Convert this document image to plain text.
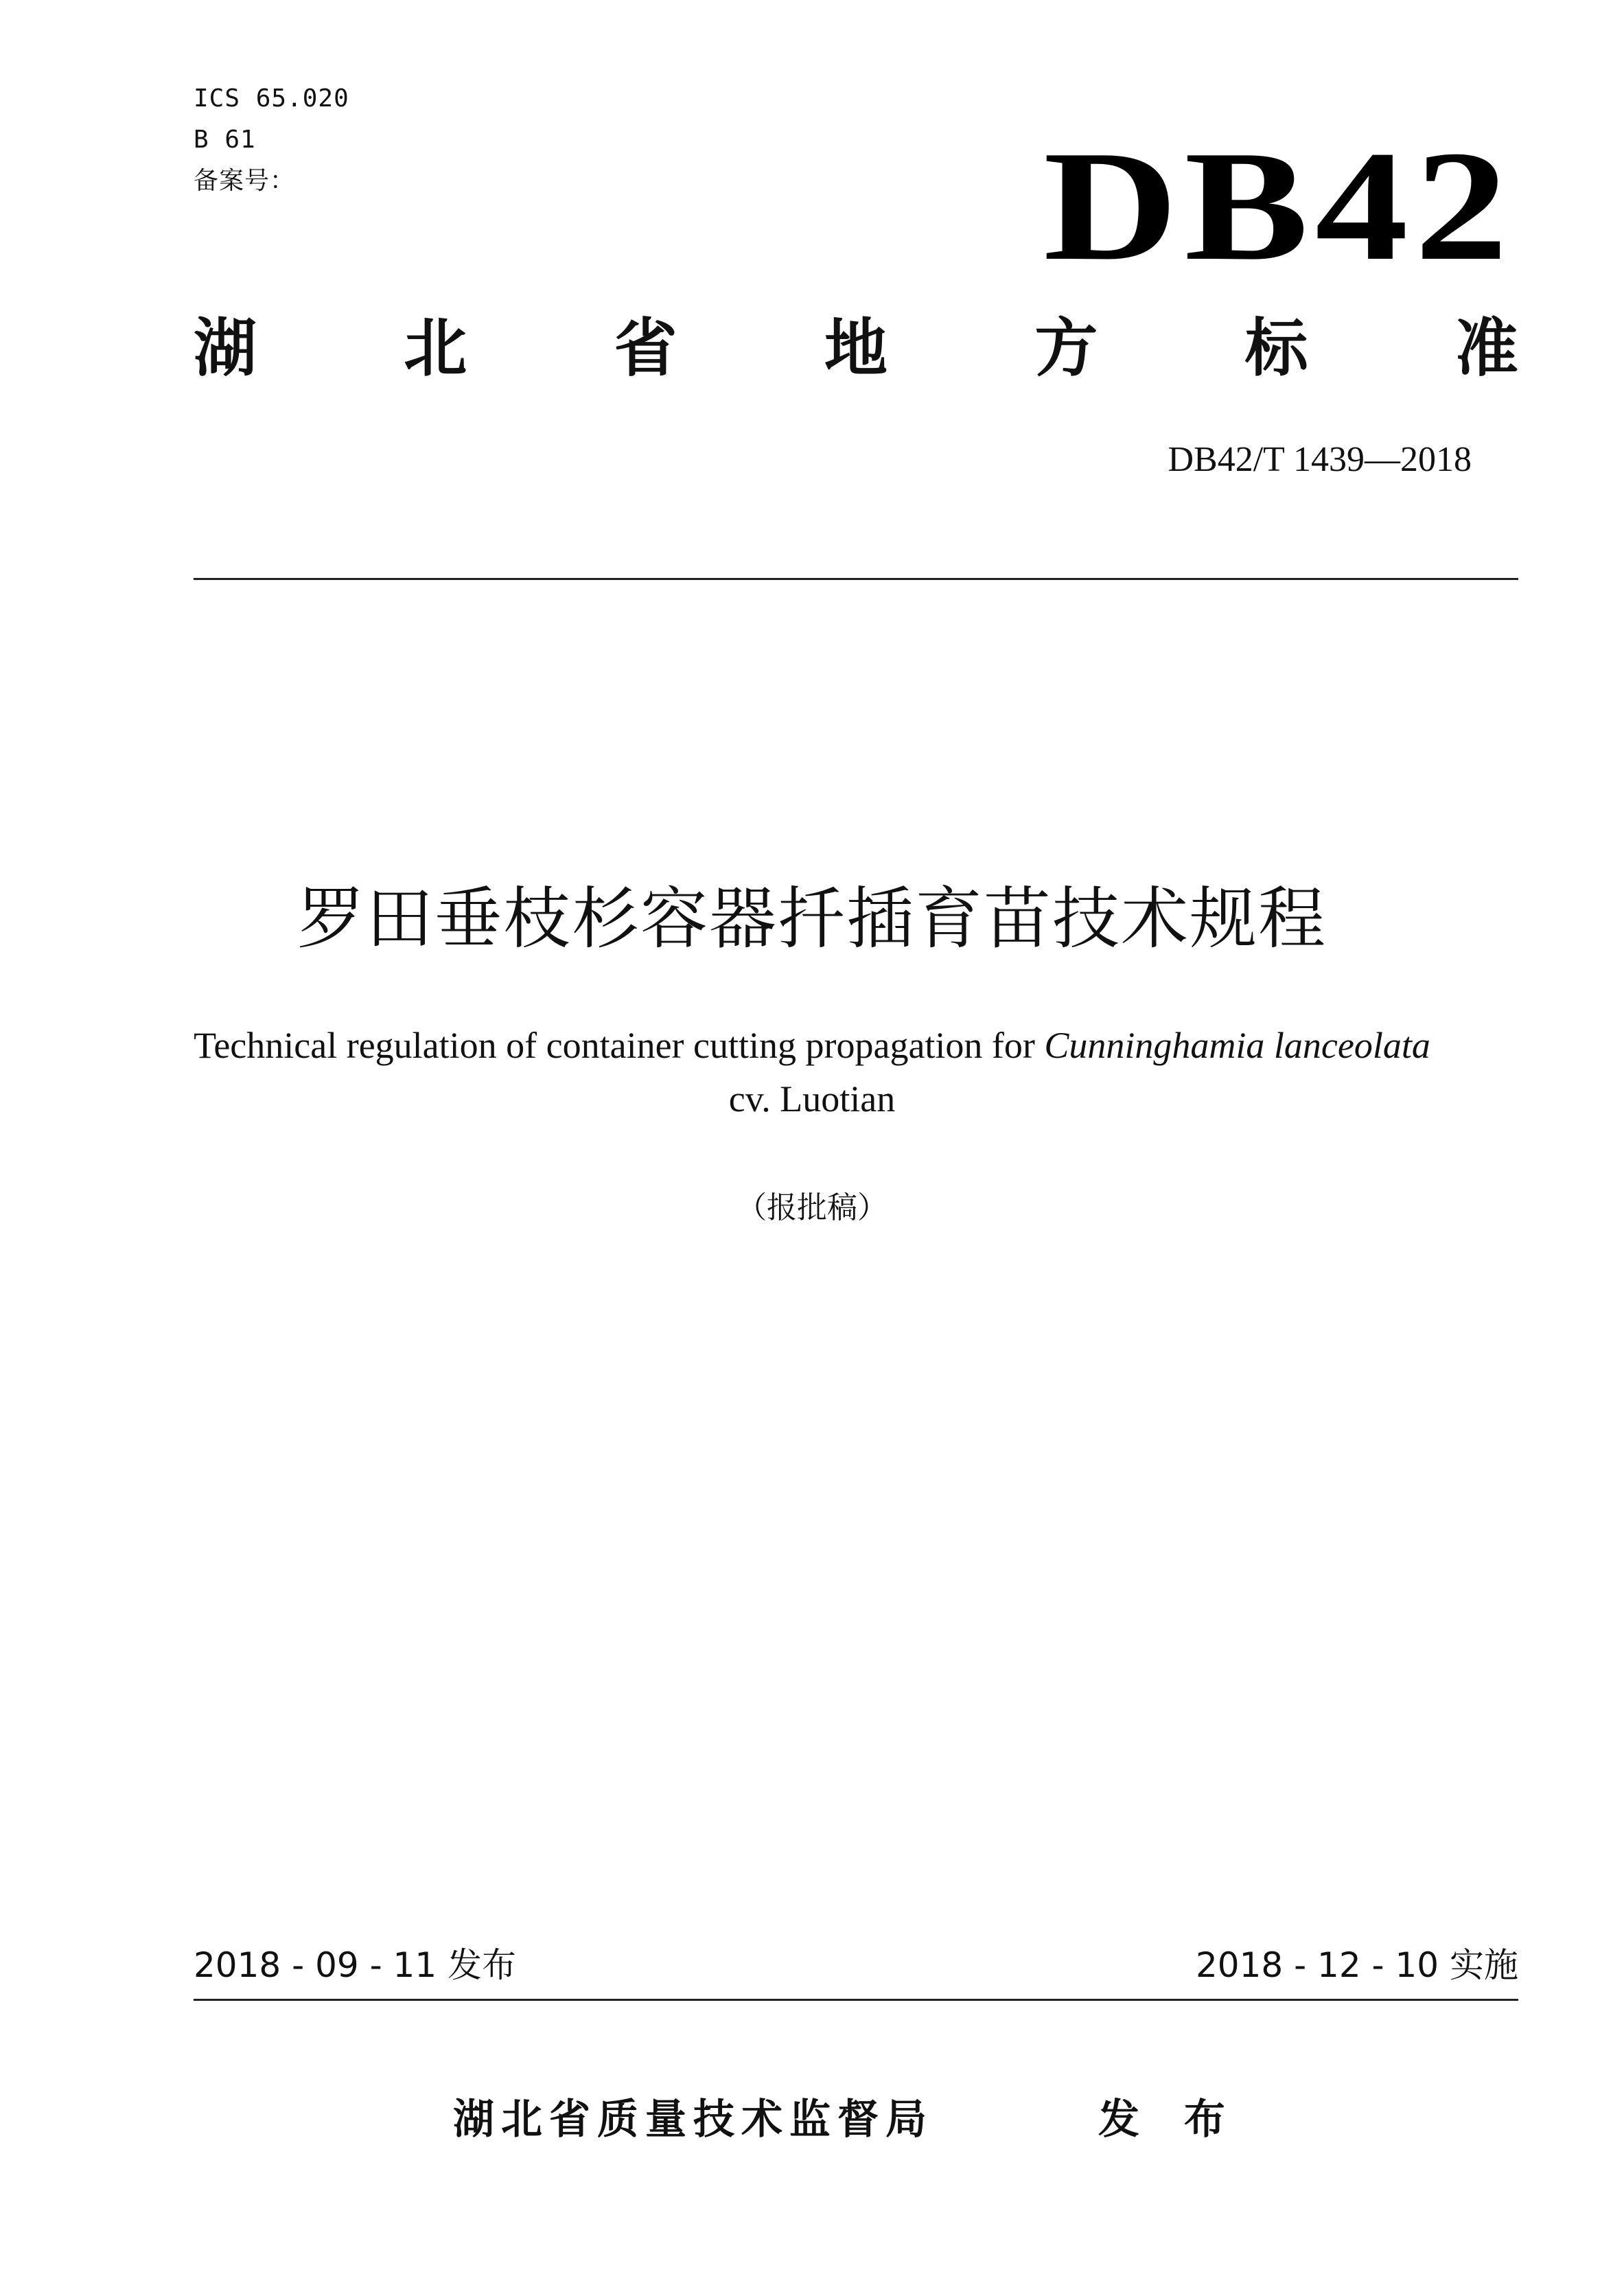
ICS 65.020
B 61
备案号：	DB42
湖 北 省 地 方 标 准
DB42/T 1439—2018
罗田垂枝杉容器扦插育苗技术规程
Technical regulation of container cutting propagation for Cunninghamia lanceolata
cv. Luotian
（报批稿）
2018 - 09 - 11 发布	2018 - 12 - 10 实施
湖北省质量技术监督局	发 布
